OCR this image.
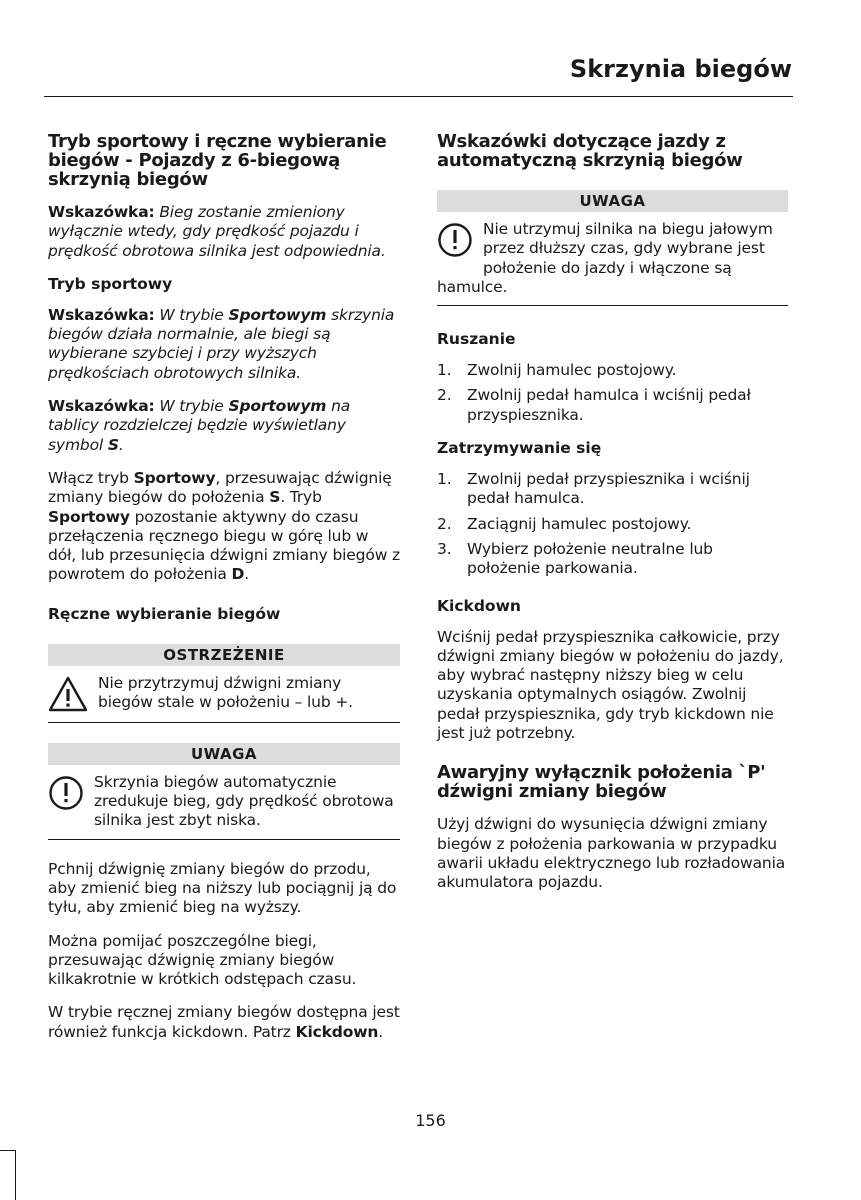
Skrzynia biegów
Tryb sportowy i ręczne wybieranie biegów - Pojazdy z 6-biegową skrzynią biegów

Wskazówka: Bieg zostanie zmieniony wyłącznie wtedy, gdy prędkość pojazdu i prędkość obrotowa silnika jest odpowiednia.

Tryb sportowy

Wskazówka: W trybie Sportowym skrzynia biegów działa normalnie, ale biegi są wybierane szybciej i przy wyższych prędkościach obrotowych silnika.

Wskazówka: W trybie Sportowym na tablicy rozdzielczej będzie wyświetlany symbol S.

Włącz tryb Sportowy, przesuwając dźwignię zmiany biegów do położenia S. Tryb Sportowy pozostanie aktywny do czasu przełączenia ręcznego biegu w górę lub w dół, lub przesunięcia dźwigni zmiany biegów z powrotem do położenia D.

Ręczne wybieranie biegów
OSTRZEŻENIE
Nie przytrzymuj dźwigni zmiany biegów stale w położeniu – lub +.
UWAGA
Skrzynia biegów automatycznie zredukuje bieg, gdy prędkość obrotowa silnika jest zbyt niska.

Pchnij dźwignię zmiany biegów do przodu, aby zmienić bieg na niższy lub pociągnij ją do tyłu, aby zmienić bieg na wyższy.

Można pomijać poszczególne biegi, przesuwając dźwignię zmiany biegów kilkakrotnie w krótkich odstępach czasu.

W trybie ręcznej zmiany biegów dostępna jest również funkcja kickdown. Patrz Kickdown.

Wskazówki dotyczące jazdy z automatyczną skrzynią biegów
UWAGA
Nie utrzymuj silnika na biegu jałowym przez dłuższy czas, gdy wybrane jest położenie do jazdy i włączone są hamulce.
Ruszanie
1. Zwolnij hamulec postojowy.
2. Zwolnij pedał hamulca i wciśnij pedał przyspiesznika.
Zatrzymywanie się
1. Zwolnij pedał przyspiesznika i wciśnij pedał hamulca.
2. Zaciągnij hamulec postojowy.
3. Wybierz położenie neutralne lub położenie parkowania.
Kickdown

Wciśnij pedał przyspiesznika całkowicie, przy dźwigni zmiany biegów w położeniu do jazdy, aby wybrać następny niższy bieg w celu uzyskania optymalnych osiągów. Zwolnij pedał przyspiesznika, gdy tryb kickdown nie jest już potrzebny.

Awaryjny wyłącznik położenia `P' dźwigni zmiany biegów

Użyj dźwigni do wysunięcia dźwigni zmiany biegów z położenia parkowania w przypadku awarii układu elektrycznego lub rozładowania akumulatora pojazdu.

156
